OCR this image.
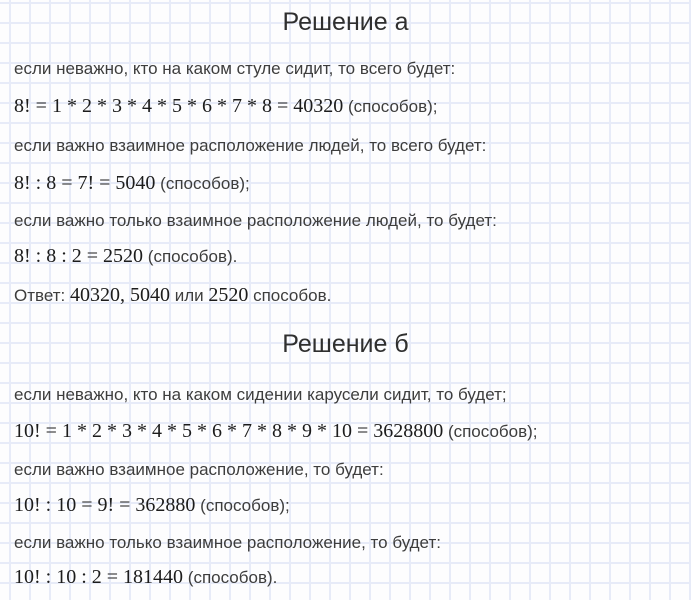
Решение а

если неважно, кто на каком стуле сидит, то всего будет:

8! = 1 * 2 * 3 * 4 * 5 * 6 * 7 * 8 = 40320 (способов);

если важно взаимное расположение людей, то всего будет:

8! : 8 = 7! = 5040 (способов);

если важно только взаимное расположение людей, то будет:

8! : 8 : 2 = 2520 (способов).

Ответ: 40320, 5040 или 2520 способов.

Решение б

если неважно, кто на каком сидении карусели сидит, то будет;

10! = 1 * 2 * 3 * 4 * 5 * 6 * 7 * 8 * 9 * 10 = 3628800 (способов);

если важно взаимное расположение, то будет:

10! : 10 = 9! = 362880 (способов);

если важно только взаимное расположение, то будет:

10! : 10 : 2 = 181440 (способов).
